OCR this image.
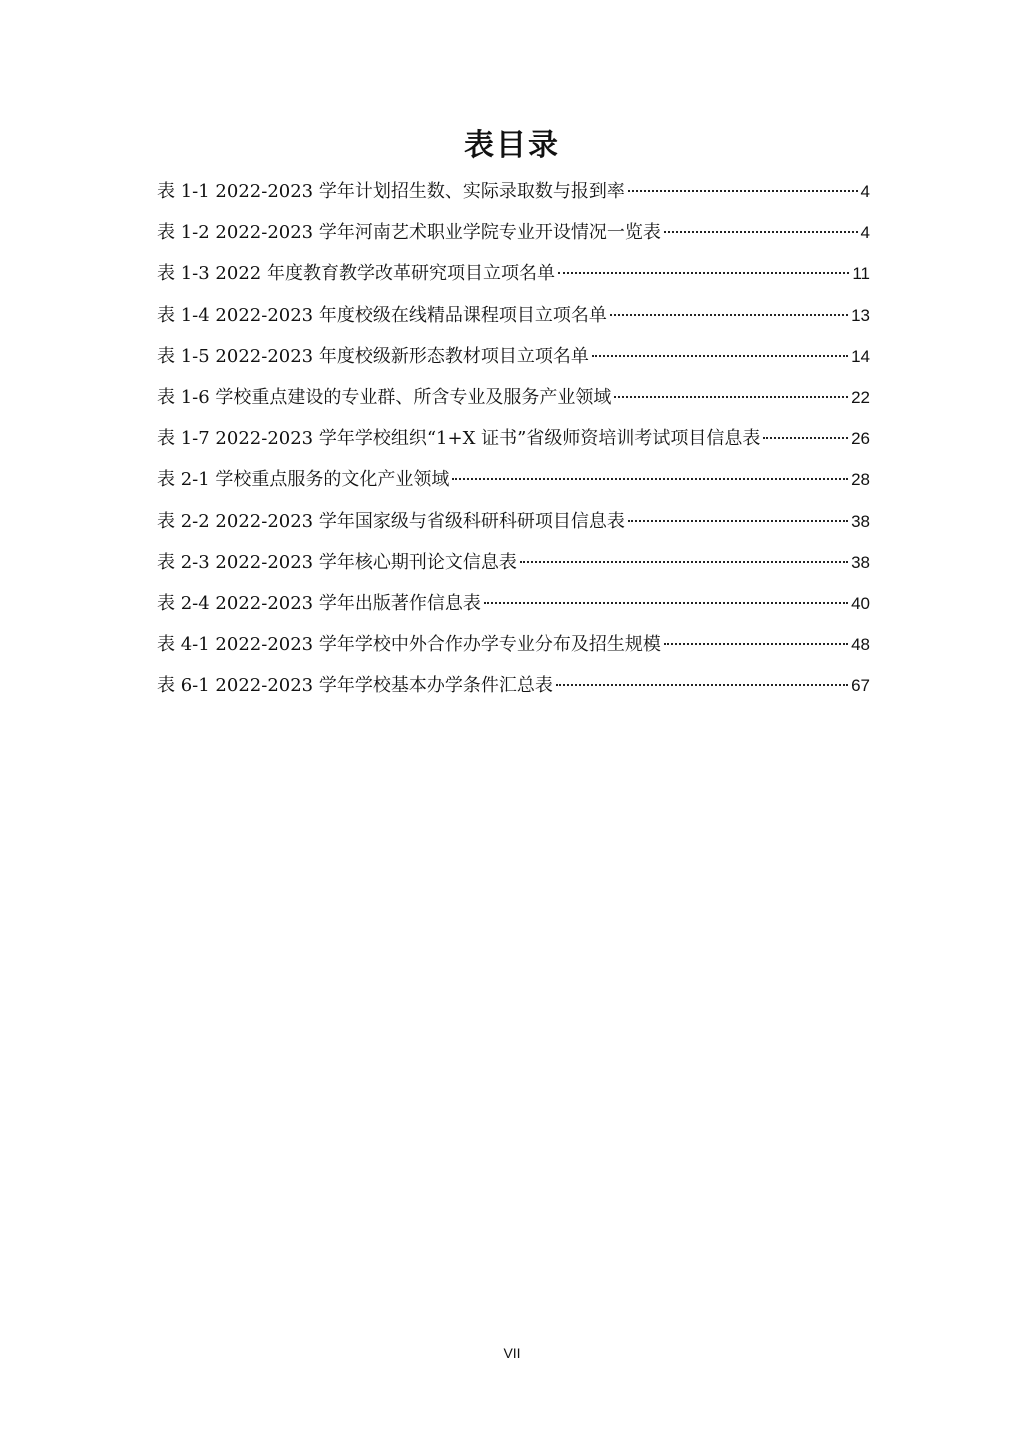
表目录
表 1-1 2022-2023 学年计划招生数、实际录取数与报到率	4
表 1-2 2022-2023 学年河南艺术职业学院专业开设情况一览表	4
表 1-3 2022 年度教育教学改革研究项目立项名单	11
表 1-4 2022-2023 年度校级在线精品课程项目立项名单	13
表 1-5 2022-2023 年度校级新形态教材项目立项名单	14
表 1-6 学校重点建设的专业群、所含专业及服务产业领域	22
表 1-7 2022-2023 学年学校组织“1+X 证书”省级师资培训考试项目信息表	26
表 2-1 学校重点服务的文化产业领域	28
表 2-2 2022-2023 学年国家级与省级科研科研项目信息表	38
表 2-3 2022-2023 学年核心期刊论文信息表	38
表 2-4 2022-2023 学年出版著作信息表	40
表 4-1 2022-2023 学年学校中外合作办学专业分布及招生规模	48
表 6-1 2022-2023 学年学校基本办学条件汇总表	67
VII
